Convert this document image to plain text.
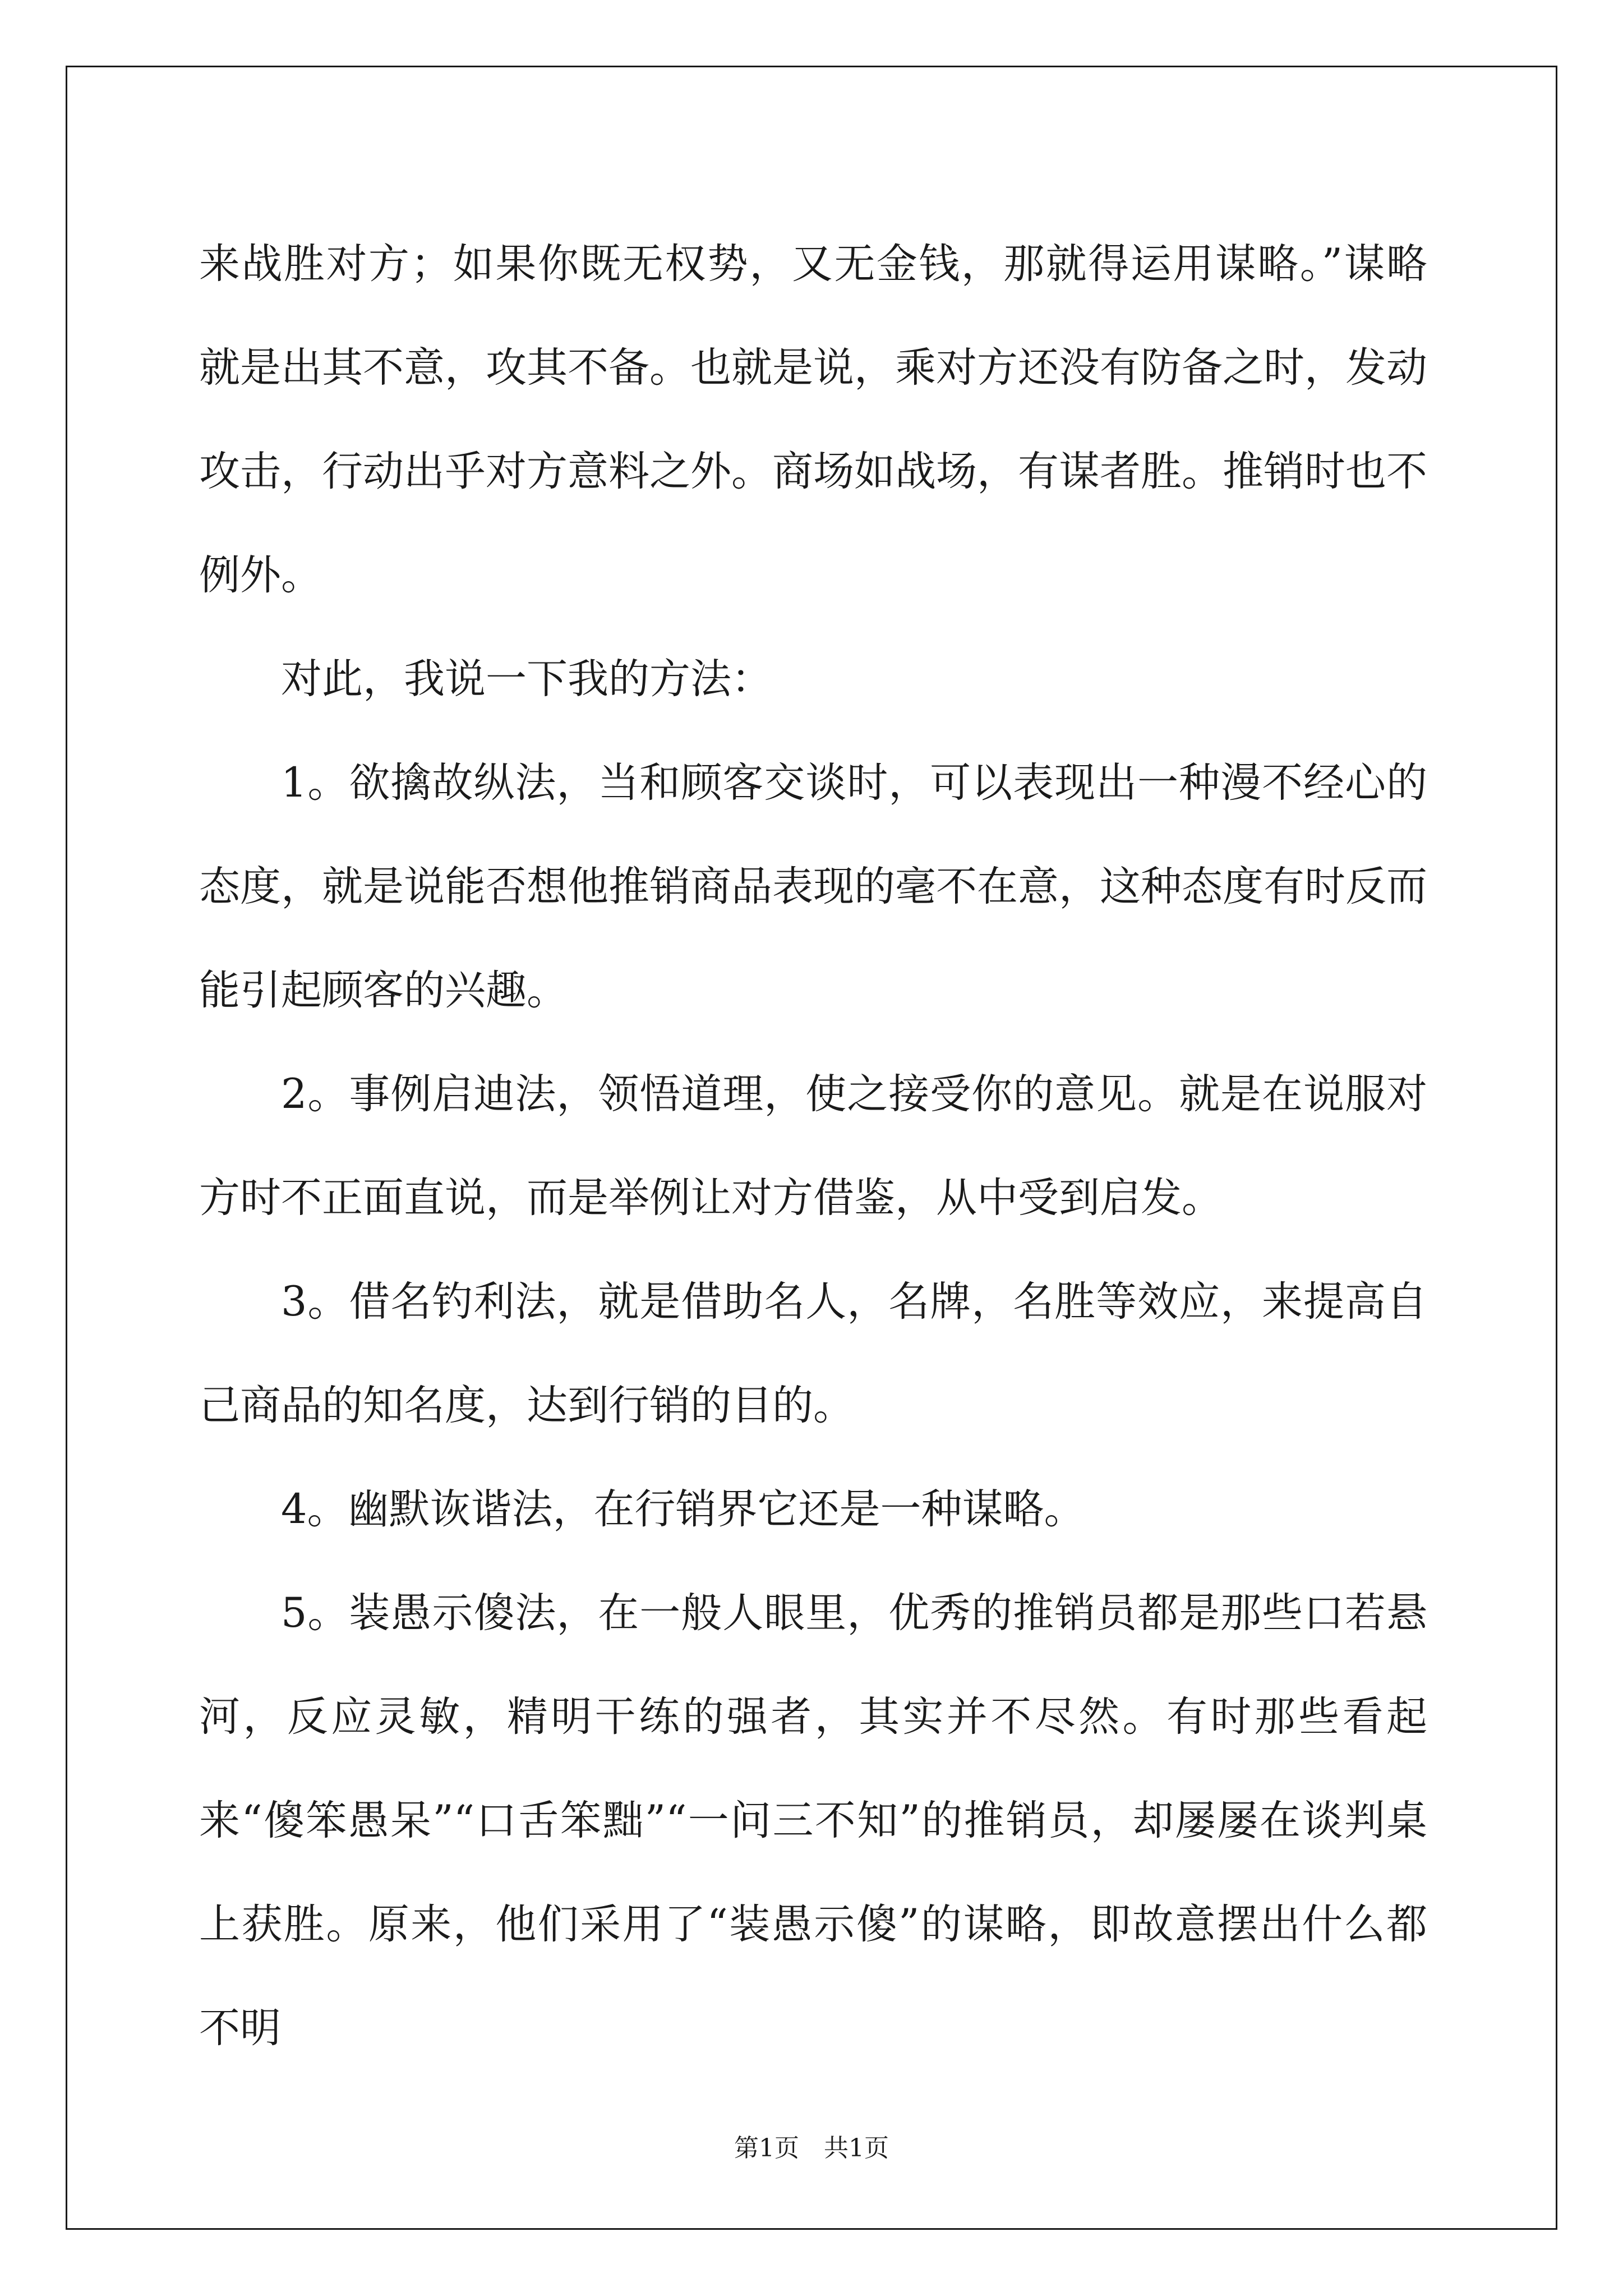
来战胜对方；如果你既无权势，又无金钱，那就得运用谋略。”谋略就是出其不意，攻其不备。也就是说，乘对方还没有防备之时，发动攻击，行动出乎对方意料之外。商场如战场，有谋者胜。推销时也不例外。

对此，我说一下我的方法：

1。欲擒故纵法，当和顾客交谈时，可以表现出一种漫不经心的态度，就是说能否想他推销商品表现的毫不在意，这种态度有时反而能引起顾客的兴趣。

2。事例启迪法，领悟道理，使之接受你的意见。就是在说服对方时不正面直说，而是举例让对方借鉴，从中受到启发。

3。借名钓利法，就是借助名人，名牌，名胜等效应，来提高自己商品的知名度，达到行销的目的。

4。幽默诙谐法，在行销界它还是一种谋略。

5。装愚示傻法，在一般人眼里，优秀的推销员都是那些口若悬河，反应灵敏，精明干练的强者，其实并不尽然。有时那些看起来“傻笨愚呆”“口舌笨黜”“一问三不知”的推销员，却屡屡在谈判桌上获胜。原来，他们采用了“装愚示傻”的谋略，即故意摆出什么都不明

第1页 共1页
